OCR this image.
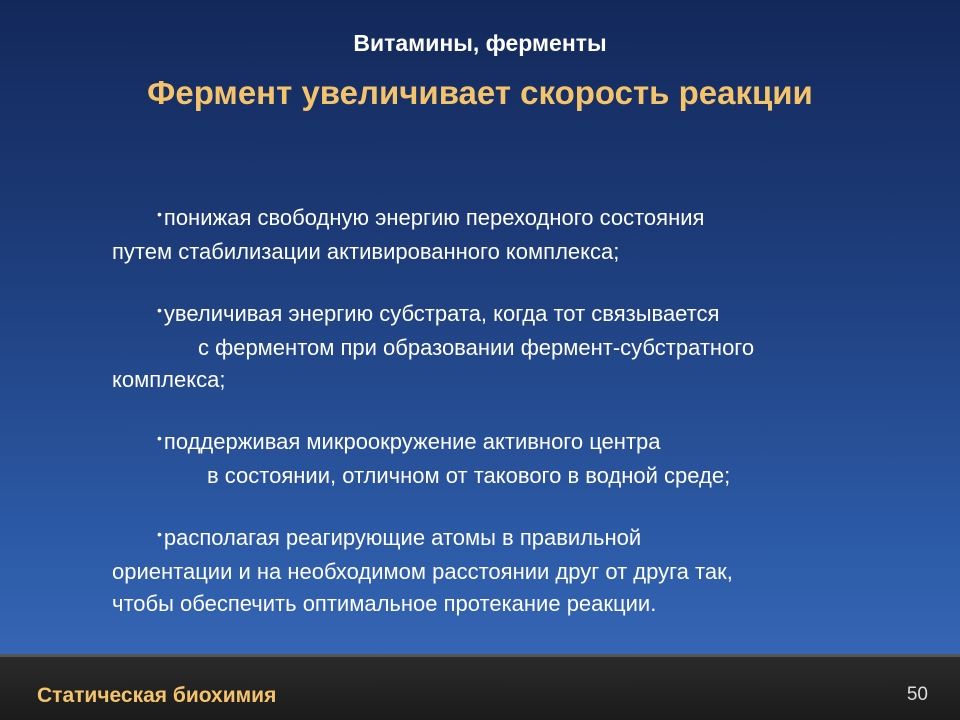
Витамины, ферменты
Фермент увеличивает скорость реакции
•понижая свободную энергию переходного состояния
путем стабилизации активированного комплекса;
•увеличивая энергию субстрата, когда тот связывается
с ферментом при образовании фермент-субстратного
комплекса;
•поддерживая микроокружение активного центра
в состоянии, отличном от такового в водной среде;
•располагая реагирующие атомы в правильной
ориентации и на необходимом расстоянии друг от друга так,
чтобы обеспечить оптимальное протекание реакции.
Статическая биохимия	50
